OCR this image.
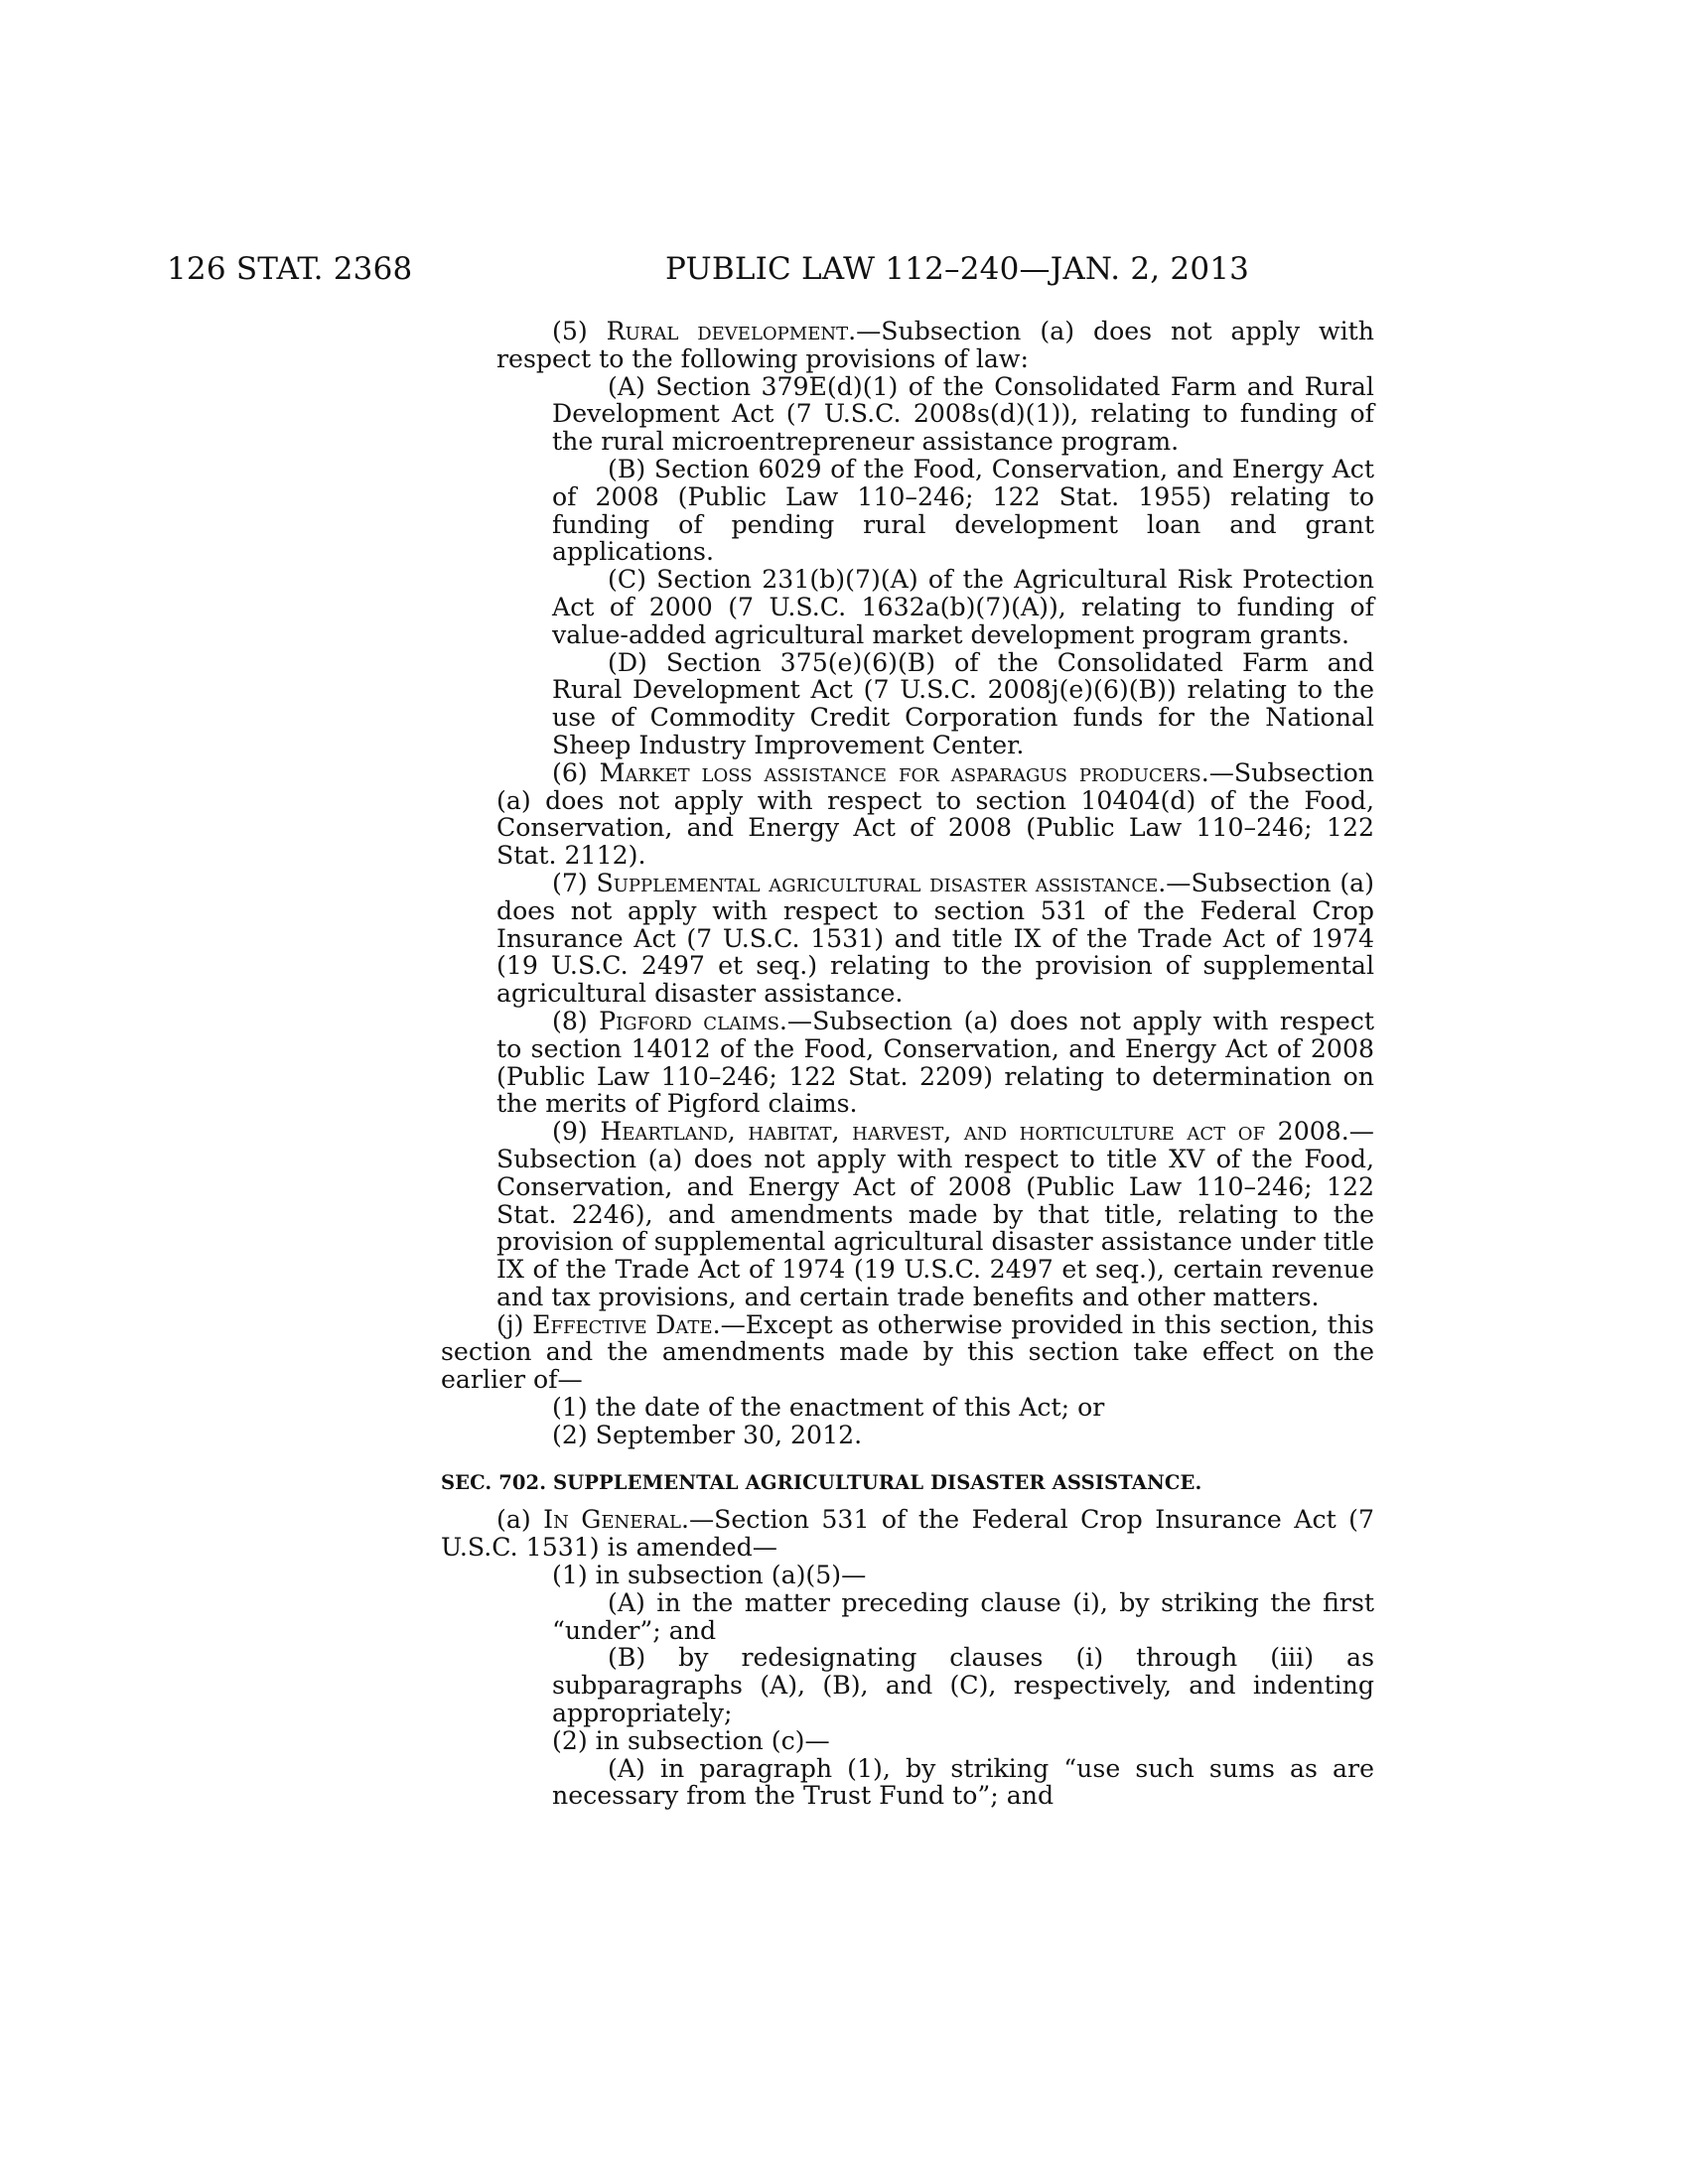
126 STAT. 2368	PUBLIC LAW 112–240—JAN. 2, 2013

(5) Rural development.—Subsection (a) does not apply with respect to the following provisions of law:

(A) Section 379E(d)(1) of the Consolidated Farm and Rural Development Act (7 U.S.C. 2008s(d)(1)), relating to funding of the rural microentrepreneur assistance program.

(B) Section 6029 of the Food, Conservation, and Energy Act of 2008 (Public Law 110–246; 122 Stat. 1955) relating to funding of pending rural development loan and grant applications.

(C) Section 231(b)(7)(A) of the Agricultural Risk Protection Act of 2000 (7 U.S.C. 1632a(b)(7)(A)), relating to funding of value-added agricultural market development program grants.

(D) Section 375(e)(6)(B) of the Consolidated Farm and Rural Development Act (7 U.S.C. 2008j(e)(6)(B)) relating to the use of Commodity Credit Corporation funds for the National Sheep Industry Improvement Center.

(6) Market loss assistance for asparagus producers.—Subsection (a) does not apply with respect to section 10404(d) of the Food, Conservation, and Energy Act of 2008 (Public Law 110–246; 122 Stat. 2112).

(7) Supplemental agricultural disaster assistance.—Subsection (a) does not apply with respect to section 531 of the Federal Crop Insurance Act (7 U.S.C. 1531) and title IX of the Trade Act of 1974 (19 U.S.C. 2497 et seq.) relating to the provision of supplemental agricultural disaster assistance.

(8) Pigford claims.—Subsection (a) does not apply with respect to section 14012 of the Food, Conservation, and Energy Act of 2008 (Public Law 110–246; 122 Stat. 2209) relating to determination on the merits of Pigford claims.

(9) Heartland, habitat, harvest, and horticulture act of 2008.—Subsection (a) does not apply with respect to title XV of the Food, Conservation, and Energy Act of 2008 (Public Law 110–246; 122 Stat. 2246), and amendments made by that title, relating to the provision of supplemental agricultural disaster assistance under title IX of the Trade Act of 1974 (19 U.S.C. 2497 et seq.), certain revenue and tax provisions, and certain trade benefits and other matters.

(j) Effective Date.—Except as otherwise provided in this section, this section and the amendments made by this section take effect on the earlier of—

(1) the date of the enactment of this Act; or

(2) September 30, 2012.

SEC. 702. SUPPLEMENTAL AGRICULTURAL DISASTER ASSISTANCE.

(a) In General.—Section 531 of the Federal Crop Insurance Act (7 U.S.C. 1531) is amended—

(1) in subsection (a)(5)—

(A) in the matter preceding clause (i), by striking the first “under”; and

(B) by redesignating clauses (i) through (iii) as subparagraphs (A), (B), and (C), respectively, and indenting appropriately;

(2) in subsection (c)—

(A) in paragraph (1), by striking “use such sums as are necessary from the Trust Fund to”; and
